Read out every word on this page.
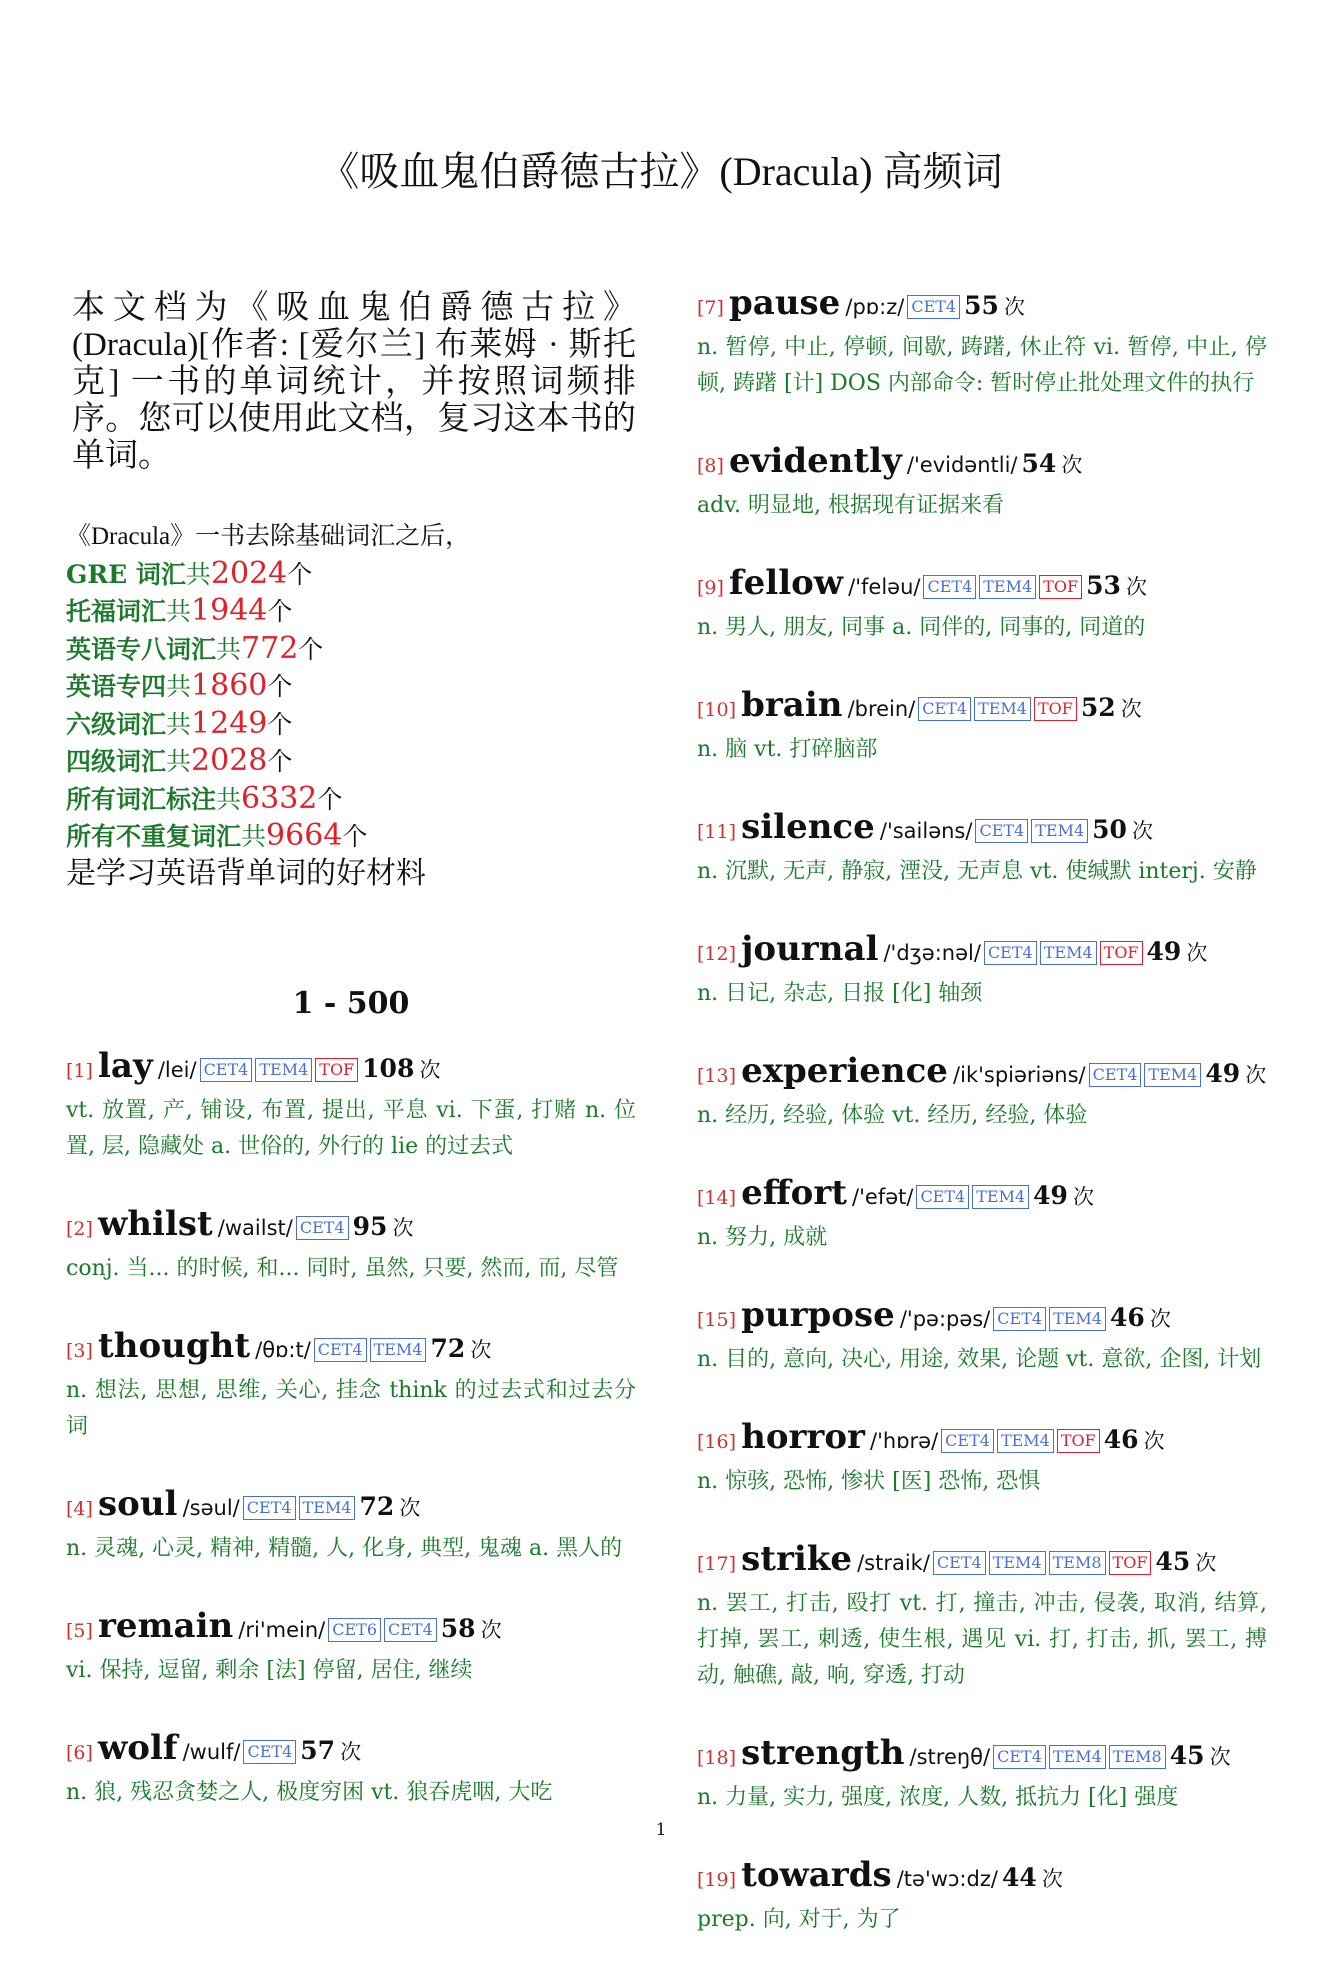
《吸血鬼伯爵德古拉》(Dracula) 高频词
本文档为《吸血鬼伯爵德古拉》(Dracula)[作者: [爱尔兰] 布莱姆 · 斯托克] 一书的单词统计，并按照词频排序。您可以使用此文档，复习这本书的单词。
《Dracula》一书去除基础词汇之后，
GRE 词汇共2024个
托福词汇共1944个
英语专八词汇共772个
英语专四共1860个
六级词汇共1249个
四级词汇共2028个
所有词汇标注共6332个
所有不重复词汇共9664个
是学习英语背单词的好材料
1 - 500
[1] lay /lei/ CET4 TEM4 TOF 108 次
vt. 放置, 产, 铺设, 布置, 提出, 平息 vi. 下蛋, 打赌 n. 位置, 层, 隐藏处 a. 世俗的, 外行的 lie 的过去式
[2] whilst /wailst/ CET4 95 次
conj. 当... 的时候, 和... 同时, 虽然, 只要, 然而, 而, 尽管
[3] thought /θɒ:t/ CET4 TEM4 72 次
n. 想法, 思想, 思维, 关心, 挂念 think 的过去式和过去分词
[4] soul /səul/ CET4 TEM4 72 次
n. 灵魂, 心灵, 精神, 精髓, 人, 化身, 典型, 鬼魂 a. 黑人的
[5] remain /ri'mein/ CET6 CET4 58 次
vi. 保持, 逗留, 剩余 [法] 停留, 居住, 继续
[6] wolf /wulf/ CET4 57 次
n. 狼, 残忍贪婪之人, 极度穷困 vt. 狼吞虎咽, 大吃
[7] pause /pɒ:z/ CET4 55 次
n. 暂停, 中止, 停顿, 间歇, 踌躇, 休止符 vi. 暂停, 中止, 停顿, 踌躇 [计] DOS 内部命令: 暂时停止批处理文件的执行
[8] evidently /'evidəntli/ 54 次
adv. 明显地, 根据现有证据来看
[9] fellow /'feləu/ CET4 TEM4 TOF 53 次
n. 男人, 朋友, 同事 a. 同伴的, 同事的, 同道的
[10] brain /brein/ CET4 TEM4 TOF 52 次
n. 脑 vt. 打碎脑部
[11] silence /'sailəns/ CET4 TEM4 50 次
n. 沉默, 无声, 静寂, 湮没, 无声息 vt. 使缄默 interj. 安静
[12] journal /'dʒə:nəl/ CET4 TEM4 TOF 49 次
n. 日记, 杂志, 日报 [化] 轴颈
[13] experience /ik'spiəriəns/ CET4 TEM4 49 次
n. 经历, 经验, 体验 vt. 经历, 经验, 体验
[14] effort /'efət/ CET4 TEM4 49 次
n. 努力, 成就
[15] purpose /'pə:pəs/ CET4 TEM4 46 次
n. 目的, 意向, 决心, 用途, 效果, 论题 vt. 意欲, 企图, 计划
[16] horror /'hɒrə/ CET4 TEM4 TOF 46 次
n. 惊骇, 恐怖, 惨状 [医] 恐怖, 恐惧
[17] strike /straik/ CET4 TEM4 TEM8 TOF 45 次
n. 罢工, 打击, 殴打 vt. 打, 撞击, 冲击, 侵袭, 取消, 结算, 打掉, 罢工, 刺透, 使生根, 遇见 vi. 打, 打击, 抓, 罢工, 搏动, 触礁, 敲, 响, 穿透, 打动
[18] strength /streŋθ/ CET4 TEM4 TEM8 45 次
n. 力量, 实力, 强度, 浓度, 人数, 抵抗力 [化] 强度
[19] towards /tə'wɔ:dz/ 44 次
prep. 向, 对于, 为了
1
